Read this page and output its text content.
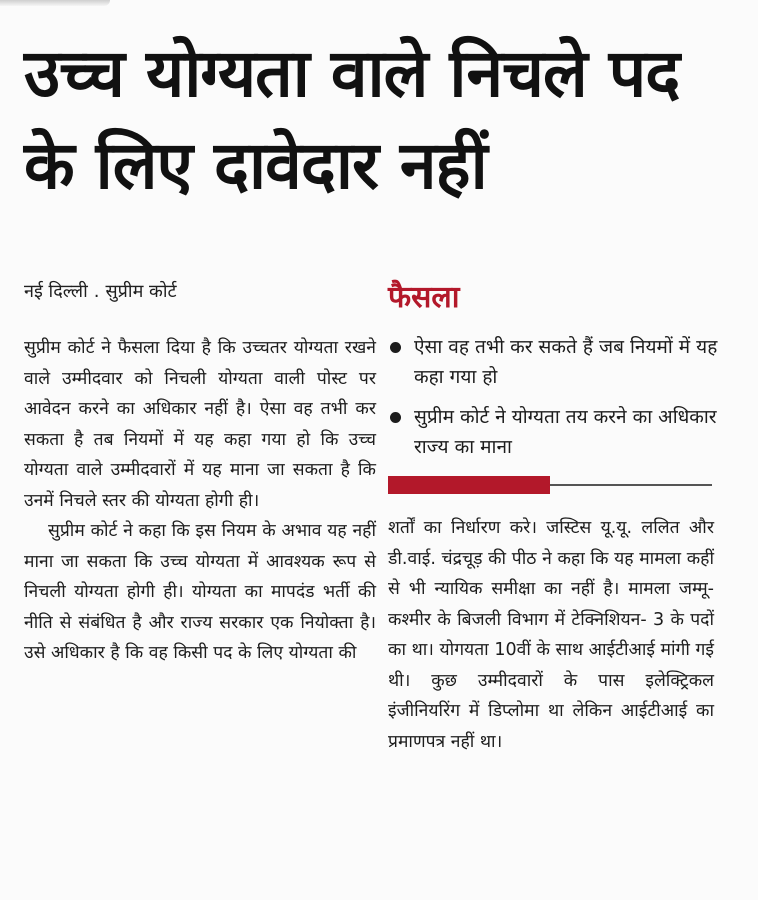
उच्च योग्यता वाले निचले पद के लिए दावेदार नहीं
नई दिल्ली . सुप्रीम कोर्ट

सुप्रीम कोर्ट ने फैसला दिया है कि उच्चतर योग्यता रखने वाले उम्मीदवार को निचली योग्यता वाली पोस्ट पर आवेदन करने का अधिकार नहीं है। ऐसा वह तभी कर सकता है तब नियमों में यह कहा गया हो कि उच्च योग्यता वाले उम्मीदवारों में यह माना जा सकता है कि उनमें निचले स्तर की योग्यता होगी ही।

सुप्रीम कोर्ट ने कहा कि इस नियम के अभाव यह नहीं माना जा सकता कि उच्च योग्यता में आवश्यक रूप से निचली योग्यता होगी ही। योग्यता का मापदंड भर्ती की नीति से संबंधित है और राज्य सरकार एक नियोक्ता है। उसे अधिकार है कि वह किसी पद के लिए योग्यता की

फैसला
ऐसा वह तभी कर सकते हैं जब नियमों में यह कहा गया हो
सुप्रीम कोर्ट ने योग्यता तय करने का अधिकार राज्य का माना

शर्तों का निर्धारण करे। जस्टिस यू.यू. ललित और डी.वाई. चंद्रचूड़ की पीठ ने कहा कि यह मामला कहीं से भी न्यायिक समीक्षा का नहीं है। मामला जम्मू-कश्मीर के बिजली विभाग में टेक्निशियन- 3 के पदों का था। योगयता 10वीं के साथ आईटीआई मांगी गई थी। कुछ उम्मीदवारों के पास इलेक्ट्रिकल इंजीनियरिंग में डिप्लोमा था लेकिन आईटीआई का प्रमाणपत्र नहीं था।
